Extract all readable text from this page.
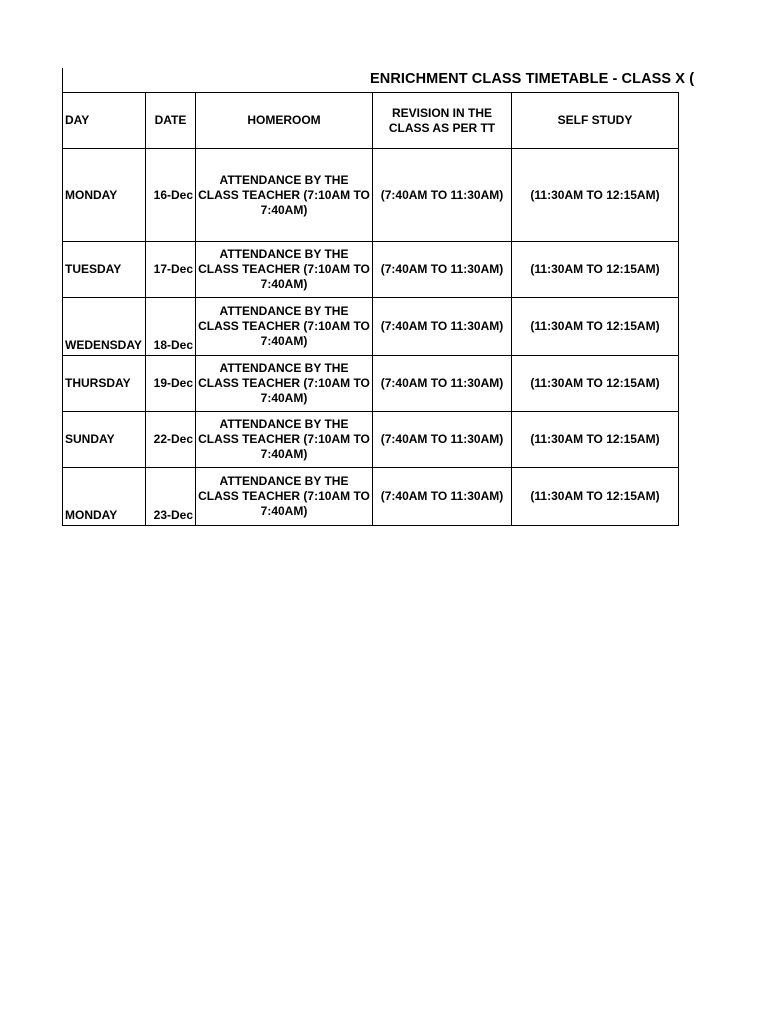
ENRICHMENT CLASS TIMETABLE - CLASS X (
DAY	DATE	HOMEROOM	REVISION IN THE CLASS AS PER TT	SELF STUDY
MONDAY	16-Dec	ATTENDANCE BY THE CLASS TEACHER (7:10AM TO 7:40AM)	(7:40AM TO 11:30AM)	(11:30AM TO 12:15AM)
TUESDAY	17-Dec	ATTENDANCE BY THE CLASS TEACHER (7:10AM TO 7:40AM)	(7:40AM TO 11:30AM)	(11:30AM TO 12:15AM)
WEDENSDAY	18-Dec	ATTENDANCE BY THE CLASS TEACHER (7:10AM TO 7:40AM)	(7:40AM TO 11:30AM)	(11:30AM TO 12:15AM)
THURSDAY	19-Dec	ATTENDANCE BY THE CLASS TEACHER (7:10AM TO 7:40AM)	(7:40AM TO 11:30AM)	(11:30AM TO 12:15AM)
SUNDAY	22-Dec	ATTENDANCE BY THE CLASS TEACHER (7:10AM TO 7:40AM)	(7:40AM TO 11:30AM)	(11:30AM TO 12:15AM)
MONDAY	23-Dec	ATTENDANCE BY THE CLASS TEACHER (7:10AM TO 7:40AM)	(7:40AM TO 11:30AM)	(11:30AM TO 12:15AM)
